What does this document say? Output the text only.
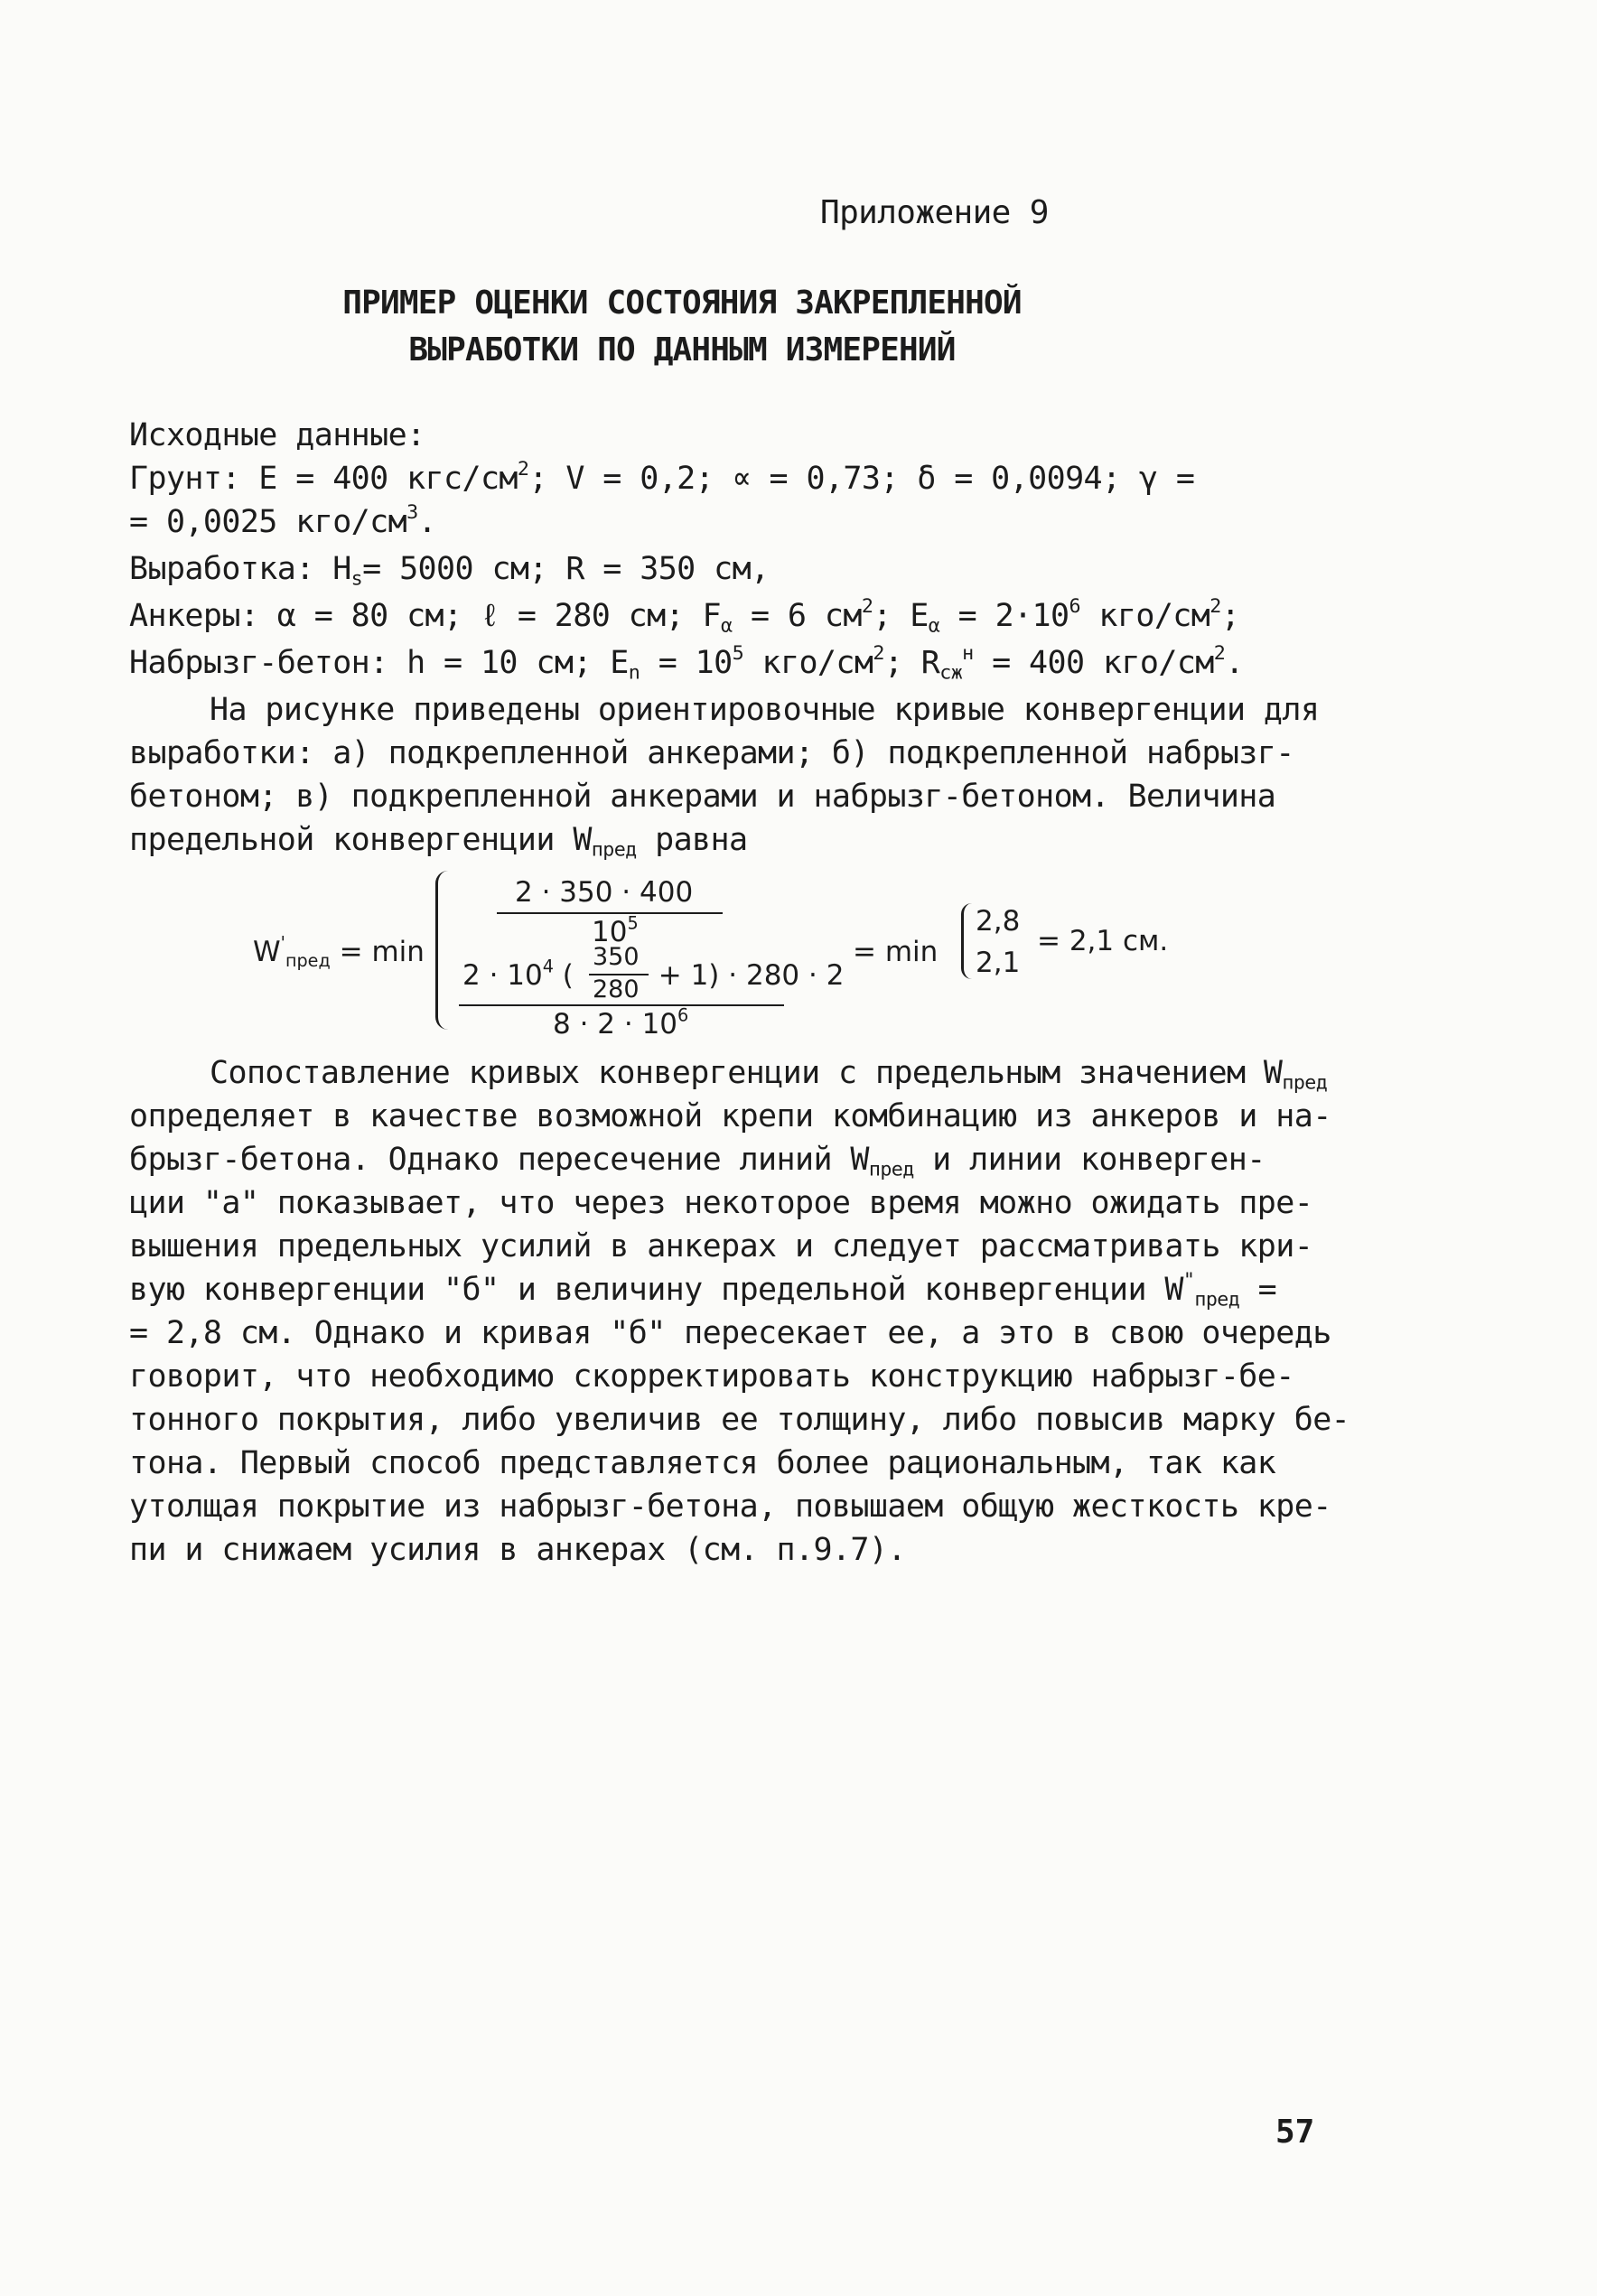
Приложение 9
ПРИМЕР ОЦЕНКИ СОСТОЯНИЯ ЗАКРЕПЛЕННОЙ
ВЫРАБОТКИ ПО ДАННЫМ ИЗМЕРЕНИЙ
Исходные данные:
Грунт: E = 400 кгс/$см^2$; V = 0,2; ∝ = 0,73; δ = 0,0094; γ =
= 0,0025 кго/$см^3$.
Выработка: $H_s= 5000$ см; R = 350 см,
Анкеры: α = 80 см; ℓ = 280 см; $F_\alpha = 6$ $см^2$; $E_\alpha = 2\cdot 10^6$ кго/$см^2$;
Набрызг-бетон: h = 10 см; $E_n = 10^5$ кго/$см^2$; $R_{сж}^н = 400$ кго/$см^2$.
На рисунке приведены ориентировочные кривые конвергенции для
выработки: а) подкрепленной анкерами; б) подкрепленной набрызг-
бетоном; в) подкрепленной анкерами и набрызг-бетоном. Величина
предельной конвергенции $W_{пред}$ равна
$W'_{пред} = \min$
2 · 350 · 400
$10^5$
$2 \cdot 10^4$ (	+ 1) · 280 · 2
350
280
$8 \cdot 2 \cdot 10^6$
= min
2,8
2,1
= 2,1 см.
Сопоставление кривых конвергенции с предельным значением $W_{пред}$
определяет в качестве возможной крепи комбинацию из анкеров и на-
брызг-бетона. Однако пересечение линий $W_{пред}$ и линии конверген-
ции "а" показывает, что через некоторое время можно ожидать пре-
вышения предельных усилий в анкерах и следует рассматривать кри-
вую конвергенции "б" и величину предельной конвергенции $W^"_{пред}$ =
= 2,8 см. Однако и кривая "б" пересекает ее, а это в свою очередь
говорит, что необходимо скорректировать конструкцию набрызг-бе-
тонного покрытия, либо увеличив ее толщину, либо повысив марку бе-
тона. Первый способ представляется более рациональным, так как
утолщая покрытие из набрызг-бетона, повышаем общую жесткость кре-
пи и снижаем усилия в анкерах (см. п.9.7).
57
